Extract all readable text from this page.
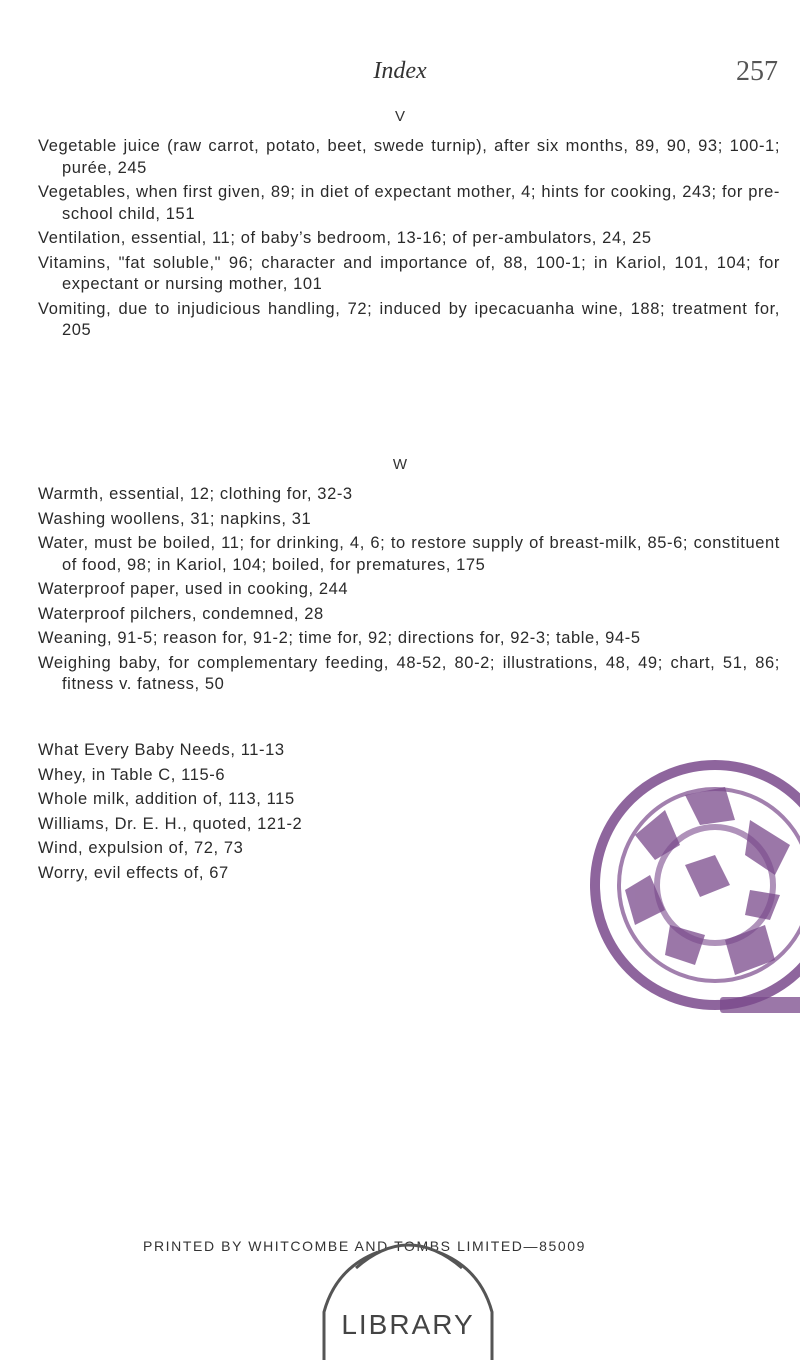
Index	257
V

Vegetable juice (raw carrot, potato, beet, swede turnip), after six months, 89, 90, 93; 100-1; purée, 245

Vegetables, when first given, 89; in diet of expectant mother, 4; hints for cooking, 243; for pre-school child, 151

Ventilation, essential, 11; of baby’s bedroom, 13-16; of per-ambulators, 24, 25

Vitamins, "fat soluble," 96; character and importance of, 88, 100-1; in Kariol, 101, 104; for expectant or nursing mother, 101

Vomiting, due to injudicious handling, 72; induced by ipecacuanha wine, 188; treatment for, 205

W

Warmth, essential, 12; clothing for, 32-3

Washing woollens, 31; napkins, 31

Water, must be boiled, 11; for drinking, 4, 6; to restore supply of breast-milk, 85-6; constituent of food, 98; in Kariol, 104; boiled, for prematures, 175

Waterproof paper, used in cooking, 244

Waterproof pilchers, condemned, 28

Weaning, 91-5; reason for, 91-2; time for, 92; directions for, 92-3; table, 94-5

Weighing baby, for complementary feeding, 48-52, 80-2; illustrations, 48, 49; chart, 51, 86; fitness v. fatness, 50

What Every Baby Needs, 11-13

Whey, in Table C, 115-6

Whole milk, addition of, 113, 115

Williams, Dr. E. H., quoted, 121-2

Wind, expulsion of, 72, 73

Worry, evil effects of, 67

PRINTED BY WHITCOMBE AND TOMBS LIMITED—85009
LIBRARY
